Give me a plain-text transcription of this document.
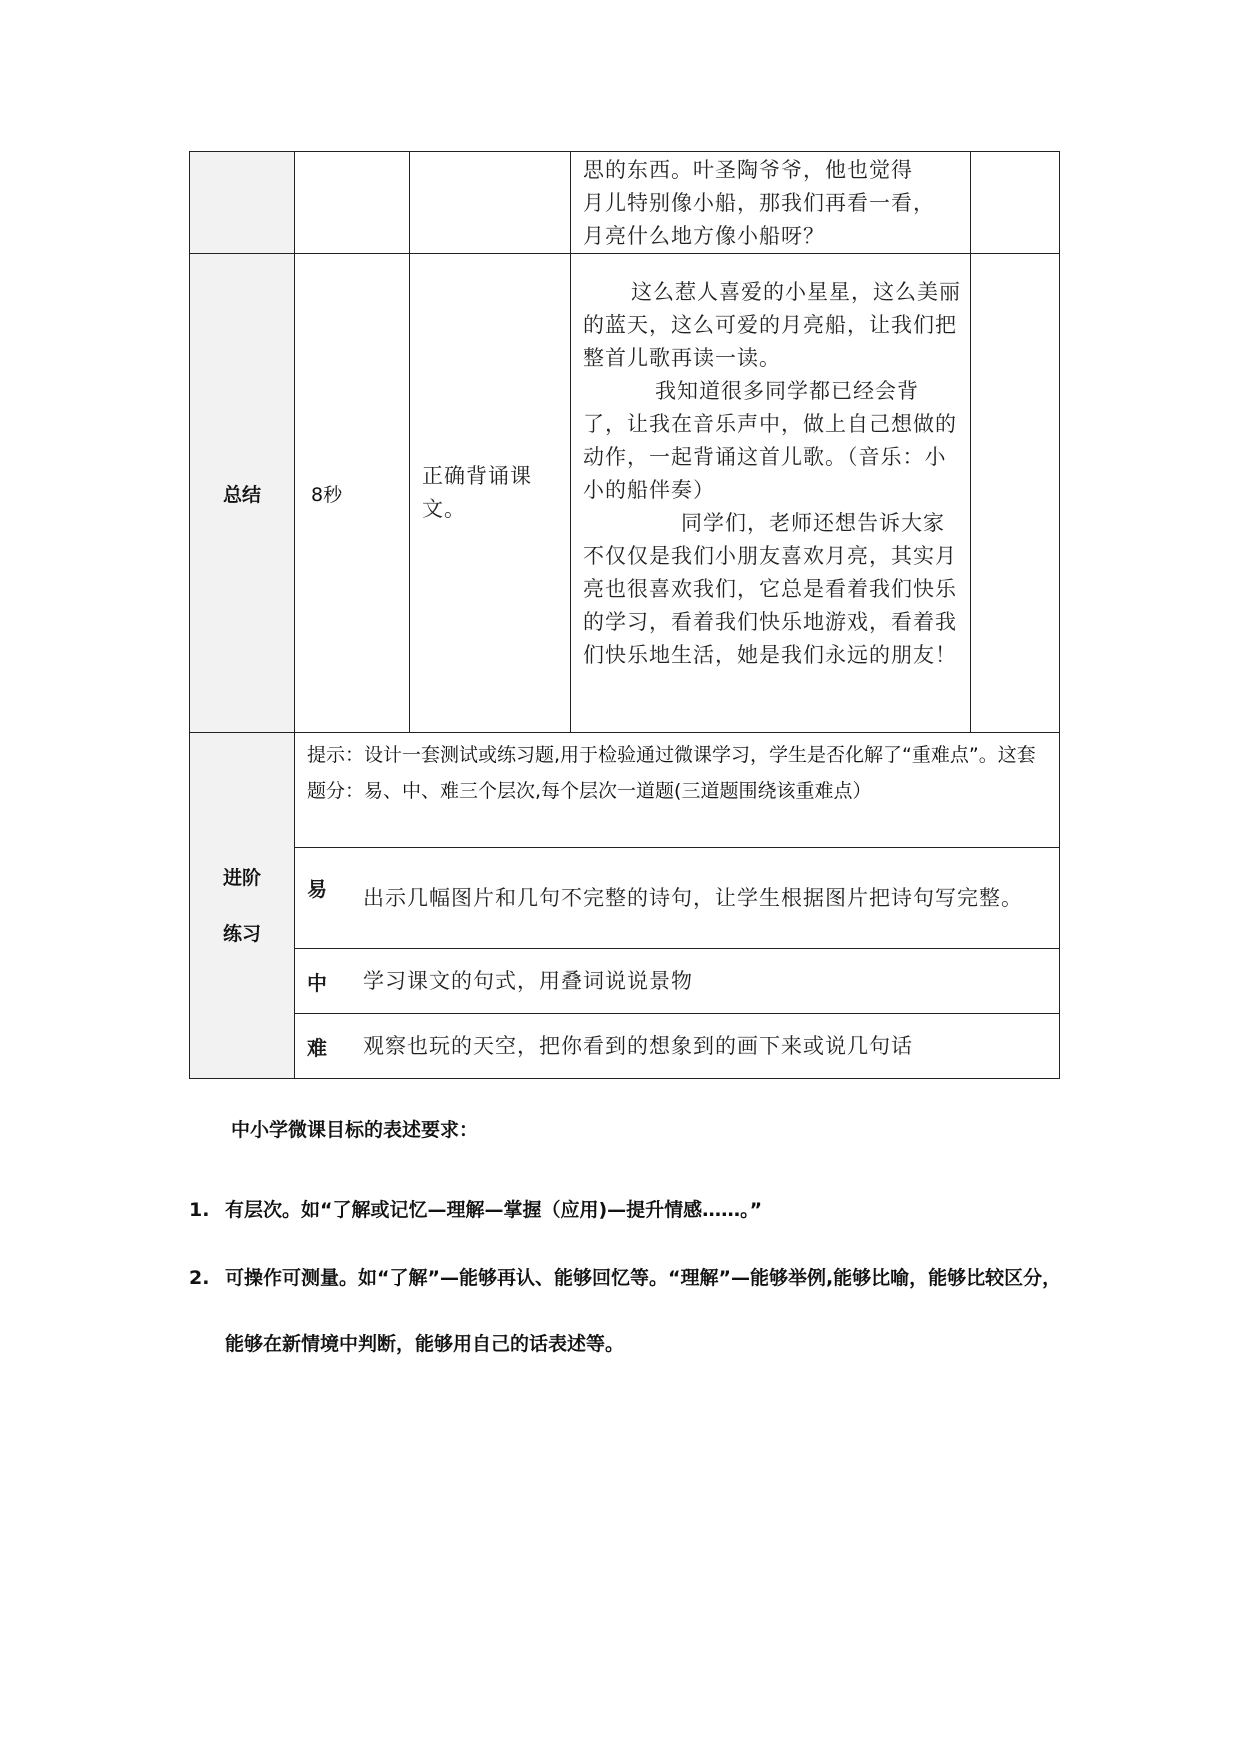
			思的东西。叶圣陶爷爷，他也觉得

月儿特别像小船，那我们再看一看，

月亮什么地方像小船呀？	

总结	8秒	正确背诵课文。	这么惹人喜爱的小星星，这么美丽的蓝天，这么可爱的月亮船，让我们把整首儿歌再读一读。

我知道很多同学都已经会背了，让我在音乐声中，做上自己想做的动作，一起背诵这首儿歌。（音乐：小小的船伴奏）

同学们，老师还想告诉大家不仅仅是我们小朋友喜欢月亮，其实月亮也很喜欢我们，它总是看着我们快乐的学习，看着我们快乐地游戏，看着我们快乐地生活，她是我们永远的朋友！	

进阶
练习	提示：设计一套测试或练习题,用于检验通过微课学习，学生是否化解了“重难点”。这套题分：易、中、难三个层次,每个层次一道题(三道题围绕该重难点）			

	易 出示几幅图片和几句不完整的诗句，让学生根据图片把诗句写完整。			

	中 学习课文的句式，用叠词说说景物			

	难 观察也玩的天空，把你看到的想象到的画下来或说几句话			
中小学微课目标的表述要求：
1. 有层次。如“了解或记忆—理解—掌握（应用)—提升情感……。”
2. 可操作可测量。如“了解”—能够再认、能够回忆等。“理解”—能够举例,能够比喻，能够比较区分，能够在新情境中判断，能够用自己的话表述等。
